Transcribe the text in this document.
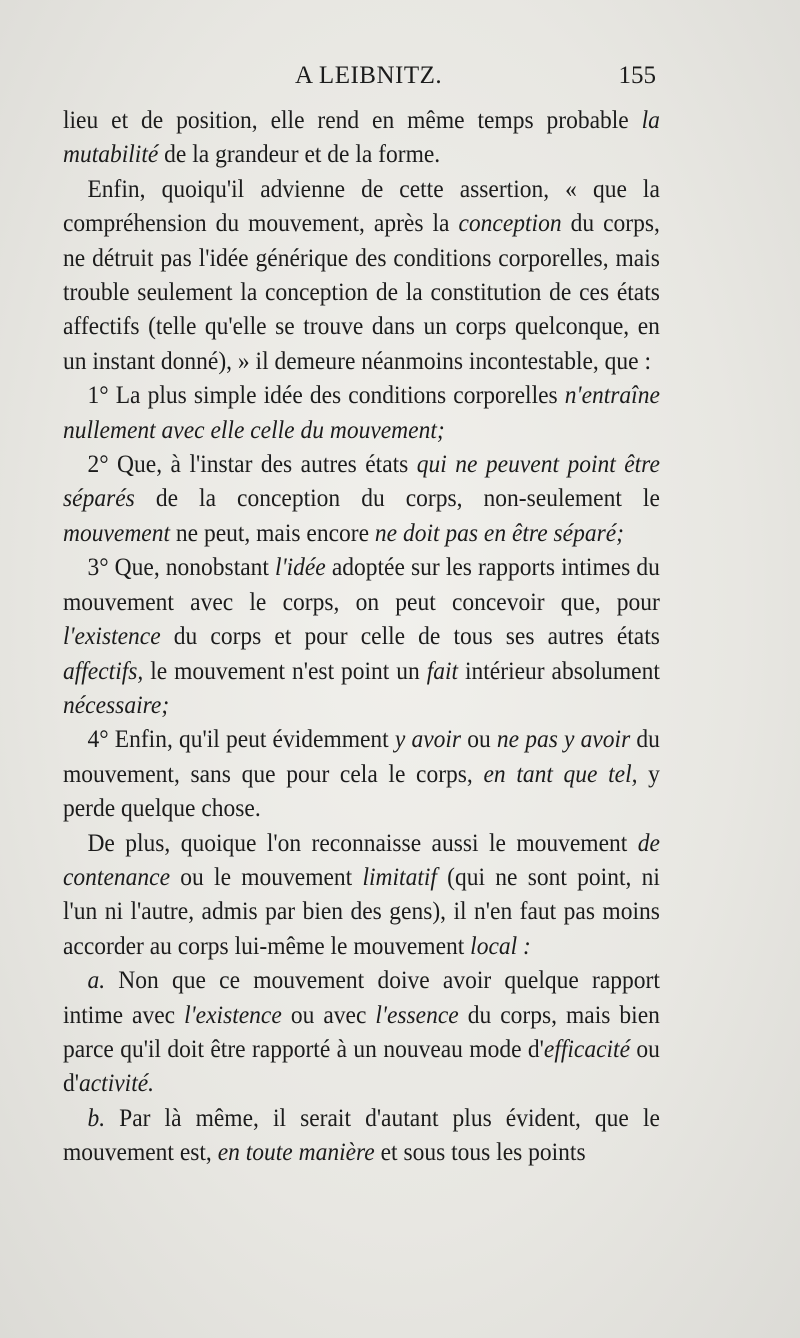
A LEIBNITZ.	155

lieu et de position, elle rend en même temps probable la mutabilité de la grandeur et de la forme.

Enfin, quoiqu'il advienne de cette assertion, « que la compréhension du mouvement, après la conception du corps, ne détruit pas l'idée générique des conditions corporelles, mais trouble seulement la conception de la constitution de ces états affectifs (telle qu'elle se trouve dans un corps quelconque, en un instant donné), » il demeure néanmoins incontestable, que :

1° La plus simple idée des conditions corporelles n'entraîne nullement avec elle celle du mouvement;

2° Que, à l'instar des autres états qui ne peuvent point être séparés de la conception du corps, non-seulement le mouvement ne peut, mais encore ne doit pas en être séparé;

3° Que, nonobstant l'idée adoptée sur les rapports intimes du mouvement avec le corps, on peut concevoir que, pour l'existence du corps et pour celle de tous ses autres états affectifs, le mouvement n'est point un fait intérieur absolument nécessaire;

4° Enfin, qu'il peut évidemment y avoir ou ne pas y avoir du mouvement, sans que pour cela le corps, en tant que tel, y perde quelque chose.

De plus, quoique l'on reconnaisse aussi le mouvement de contenance ou le mouvement limitatif (qui ne sont point, ni l'un ni l'autre, admis par bien des gens), il n'en faut pas moins accorder au corps lui-même le mouvement local :

a. Non que ce mouvement doive avoir quelque rapport intime avec l'existence ou avec l'essence du corps, mais bien parce qu'il doit être rapporté à un nouveau mode d'efficacité ou d'activité.

b. Par là même, il serait d'autant plus évident, que le mouvement est, en toute manière et sous tous les points
